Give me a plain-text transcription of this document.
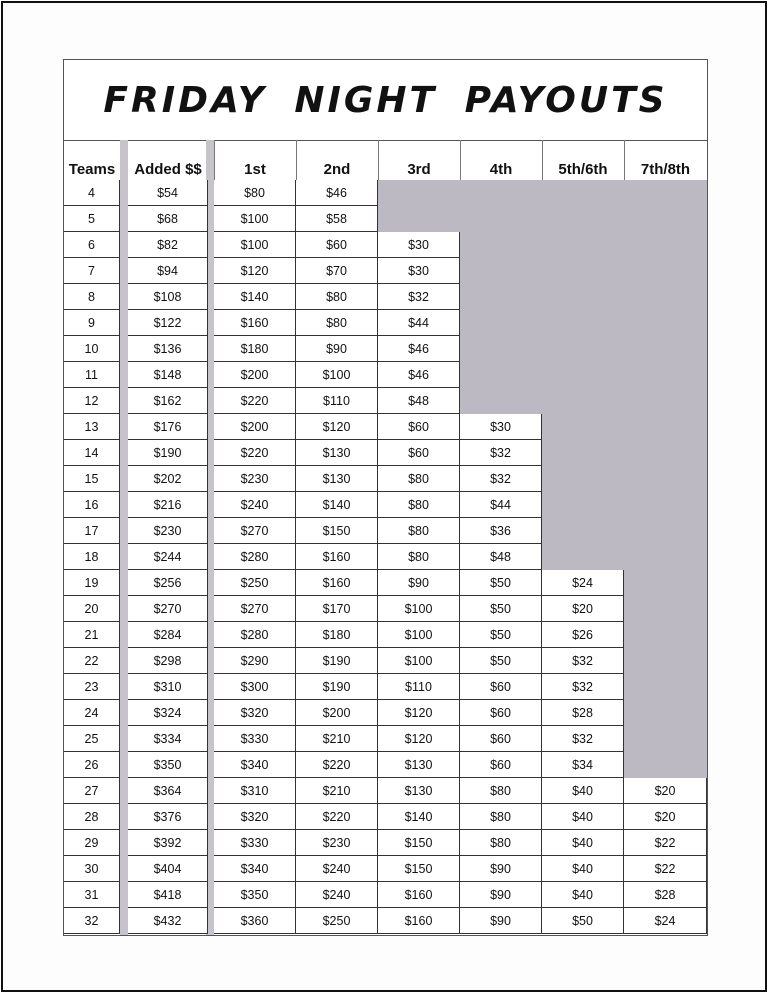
FRIDAY NIGHT PAYOUTS
Teams	Added $$	1st	2nd	3rd	4th	5th/6th	7th/8th
4	$54	$80	$46
5	$68	$100	$58
6	$82	$100	$60	$30
7	$94	$120	$70	$30
8	$108	$140	$80	$32
9	$122	$160	$80	$44
10	$136	$180	$90	$46
11	$148	$200	$100	$46
12	$162	$220	$110	$48
13	$176	$200	$120	$60	$30
14	$190	$220	$130	$60	$32
15	$202	$230	$130	$80	$32
16	$216	$240	$140	$80	$44
17	$230	$270	$150	$80	$36
18	$244	$280	$160	$80	$48
19	$256	$250	$160	$90	$50	$24
20	$270	$270	$170	$100	$50	$20
21	$284	$280	$180	$100	$50	$26
22	$298	$290	$190	$100	$50	$32
23	$310	$300	$190	$110	$60	$32
24	$324	$320	$200	$120	$60	$28
25	$334	$330	$210	$120	$60	$32
26	$350	$340	$220	$130	$60	$34
27	$364	$310	$210	$130	$80	$40	$20
28	$376	$320	$220	$140	$80	$40	$20
29	$392	$330	$230	$150	$80	$40	$22
30	$404	$340	$240	$150	$90	$40	$22
31	$418	$350	$240	$160	$90	$40	$28
32	$432	$360	$250	$160	$90	$50	$24
